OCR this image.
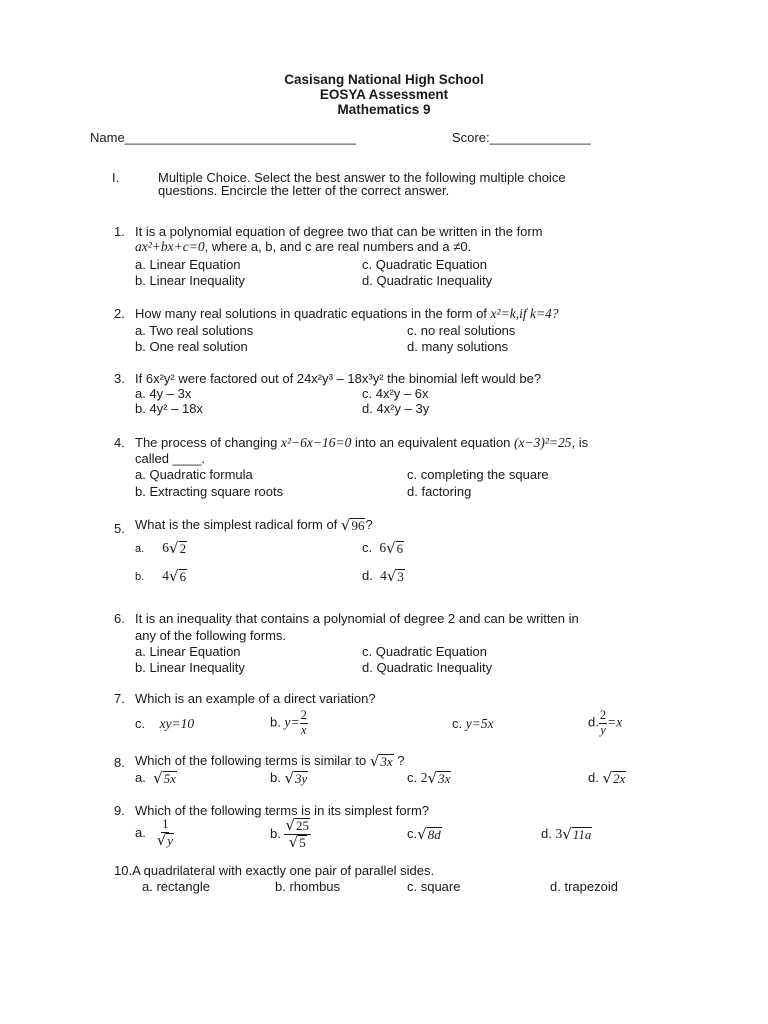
Casisang National High School
EOSYA Assessment
Mathematics 9
Name________________________________	Score:______________
I.	Multiple Choice. Select the best answer to the following multiple choice
questions. Encircle the letter of the correct answer.
1. It is a polynomial equation of degree two that can be written in the form
ax²+bx+c=0, where a, b, and c are real numbers and a ≠0.
a. Linear Equation
b. Linear Inequality
c. Quadratic Equation
d. Quadratic Inequality
2. How many real solutions in quadratic equations in the form of x²=k,if k=4?
a. Two real solutions
b. One real solution
c. no real solutions
d. many solutions
3. If 6x²y² were factored out of 24x²y³ – 18x³y² the binomial left would be?
a. 4y – 3x
b. 4y² – 18x
c. 4x²y – 6x
d. 4x²y – 3y
4. The process of changing x²−6x−16=0 into an equivalent equation (x−3)²=25, is
called ____.
a. Quadratic formula
b. Extracting square roots
c. completing the square
d. factoring
5. What is the simplest radical form of √ 96 ?
a. 6 √ 2
b. 4 √ 6
c. 6 √ 6
d. 4 √ 3
6. It is an inequality that contains a polynomial of degree 2 and can be written in
any of the following forms.
a. Linear Equation
b. Linear Inequality
c. Quadratic Equation
d. Quadratic Inequality
7. Which is an example of a direct variation?
c. xy=10	b. $y= \frac{2}{x}$	c. y=5x	d. $\frac{2}{y} =x$
8. Which of the following terms is similar to √ 3x ?
a. √ 5x	b. √ 3y	c. 2 √ 3x	d. √ 2x
9. Which of the following terms is in its simplest form?
a. $\frac{1}{√ y}$	b. $\frac{√ 25}{√ 5}$	c. √ 8d	d. 3 √ 11a
10.A quadrilateral with exactly one pair of parallel sides.
a. rectangle	b. rhombus	c. square	d. trapezoid
